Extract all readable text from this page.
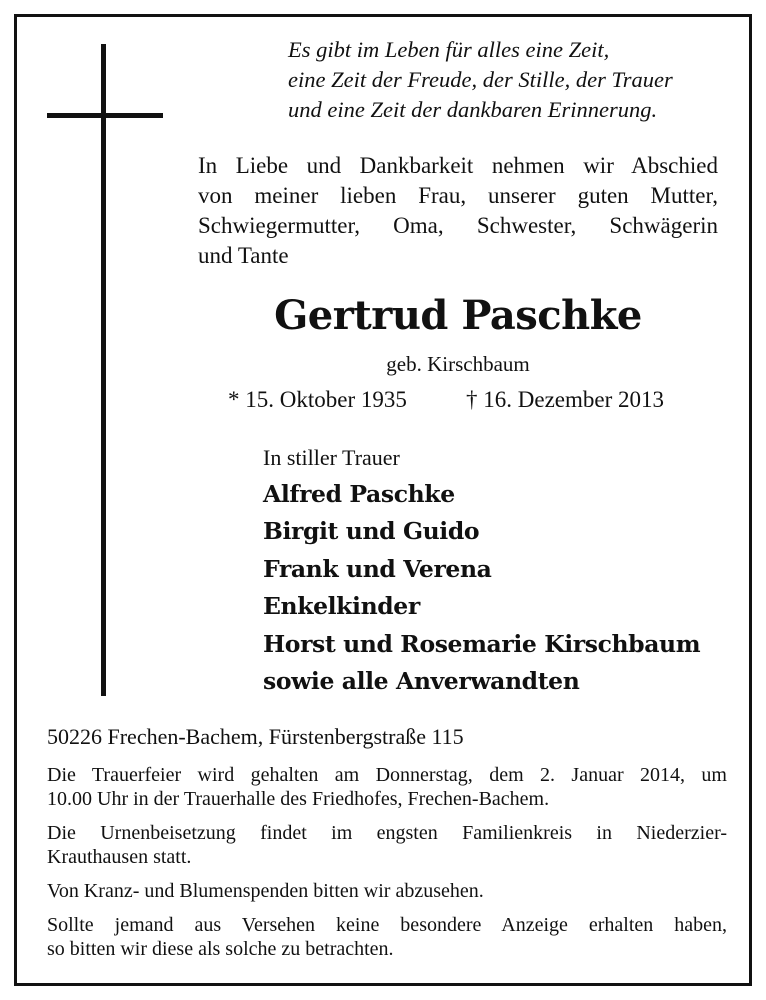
Es gibt im Leben für alles eine Zeit,
eine Zeit der Freude, der Stille, der Trauer
und eine Zeit der dankbaren Erinnerung.
In Liebe und Dankbarkeit nehmen wir Abschied
von meiner lieben Frau, unserer guten Mutter,
Schwiegermutter, Oma, Schwester, Schwägerin
und Tante
Gertrud Paschke
geb. Kirschbaum
* 15. Oktober 1935	† 16. Dezember 2013
In stiller Trauer
Alfred Paschke
Birgit und Guido
Frank und Verena
Enkelkinder
Horst und Rosemarie Kirschbaum
sowie alle Anverwandten
50226 Frechen-Bachem, Fürstenbergstraße 115

Die Trauerfeier wird gehalten am Donnerstag, dem 2. Januar 2014, um
10.00 Uhr in der Trauerhalle des Friedhofes, Frechen-Bachem.

Die Urnenbeisetzung findet im engsten Familienkreis in Niederzier-
Krauthausen statt.

Von Kranz- und Blumenspenden bitten wir abzusehen.

Sollte jemand aus Versehen keine besondere Anzeige erhalten haben,
so bitten wir diese als solche zu betrachten.
